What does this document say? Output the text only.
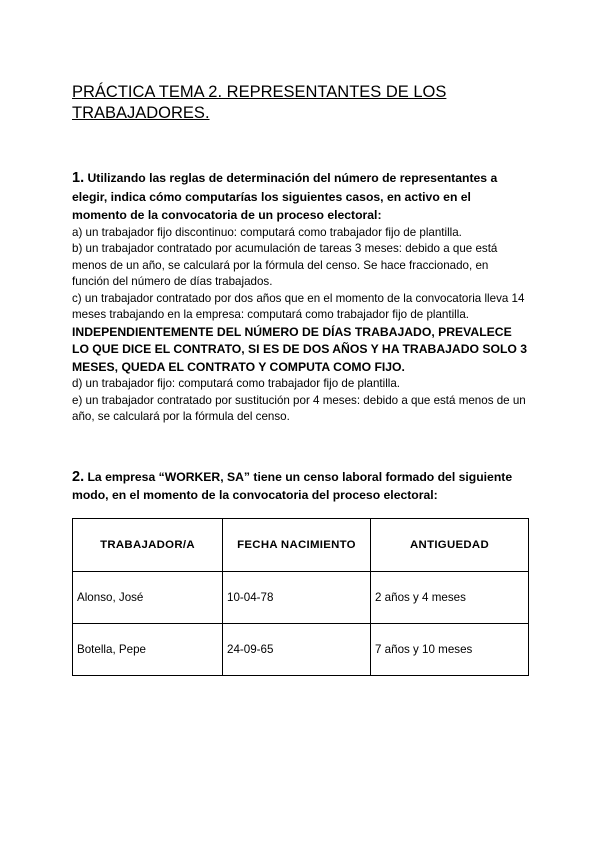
PRÁCTICA TEMA 2. REPRESENTANTES DE LOS
TRABAJADORES.

1. Utilizando las reglas de determinación del número de representantes a elegir, indica cómo computarías los siguientes casos, en activo en el momento de la convocatoria de un proceso electoral:

a) un trabajador fijo discontinuo: computará como trabajador fijo de plantilla.

b) un trabajador contratado por acumulación de tareas 3 meses: debido a que está menos de un año, se calculará por la fórmula del censo. Se hace fraccionado, en función del número de días trabajados.

c) un trabajador contratado por dos años que en el momento de la convocatoria lleva 14 meses trabajando en la empresa: computará como trabajador fijo de plantilla.    INDEPENDIENTEMENTE DEL NÚMERO DE DÍAS TRABAJADO, PREVALECE LO QUE DICE EL CONTRATO, SI ES DE DOS AÑOS Y HA TRABAJADO SOLO 3 MESES, QUEDA EL CONTRATO Y COMPUTA COMO FIJO.

d) un trabajador fijo: computará como trabajador fijo de plantilla.

e) un trabajador contratado por sustitución por 4 meses: debido a que está menos de un año, se calculará por la fórmula del censo.

2. La empresa “WORKER, SA” tiene un censo laboral formado del siguiente modo, en el momento de la convocatoria del proceso electoral:

TRABAJADOR/A	FECHA NACIMIENTO	ANTIGUEDAD
Alonso, José	10-04-78	2 años y 4 meses
Botella, Pepe	24-09-65	7 años y 10 meses
